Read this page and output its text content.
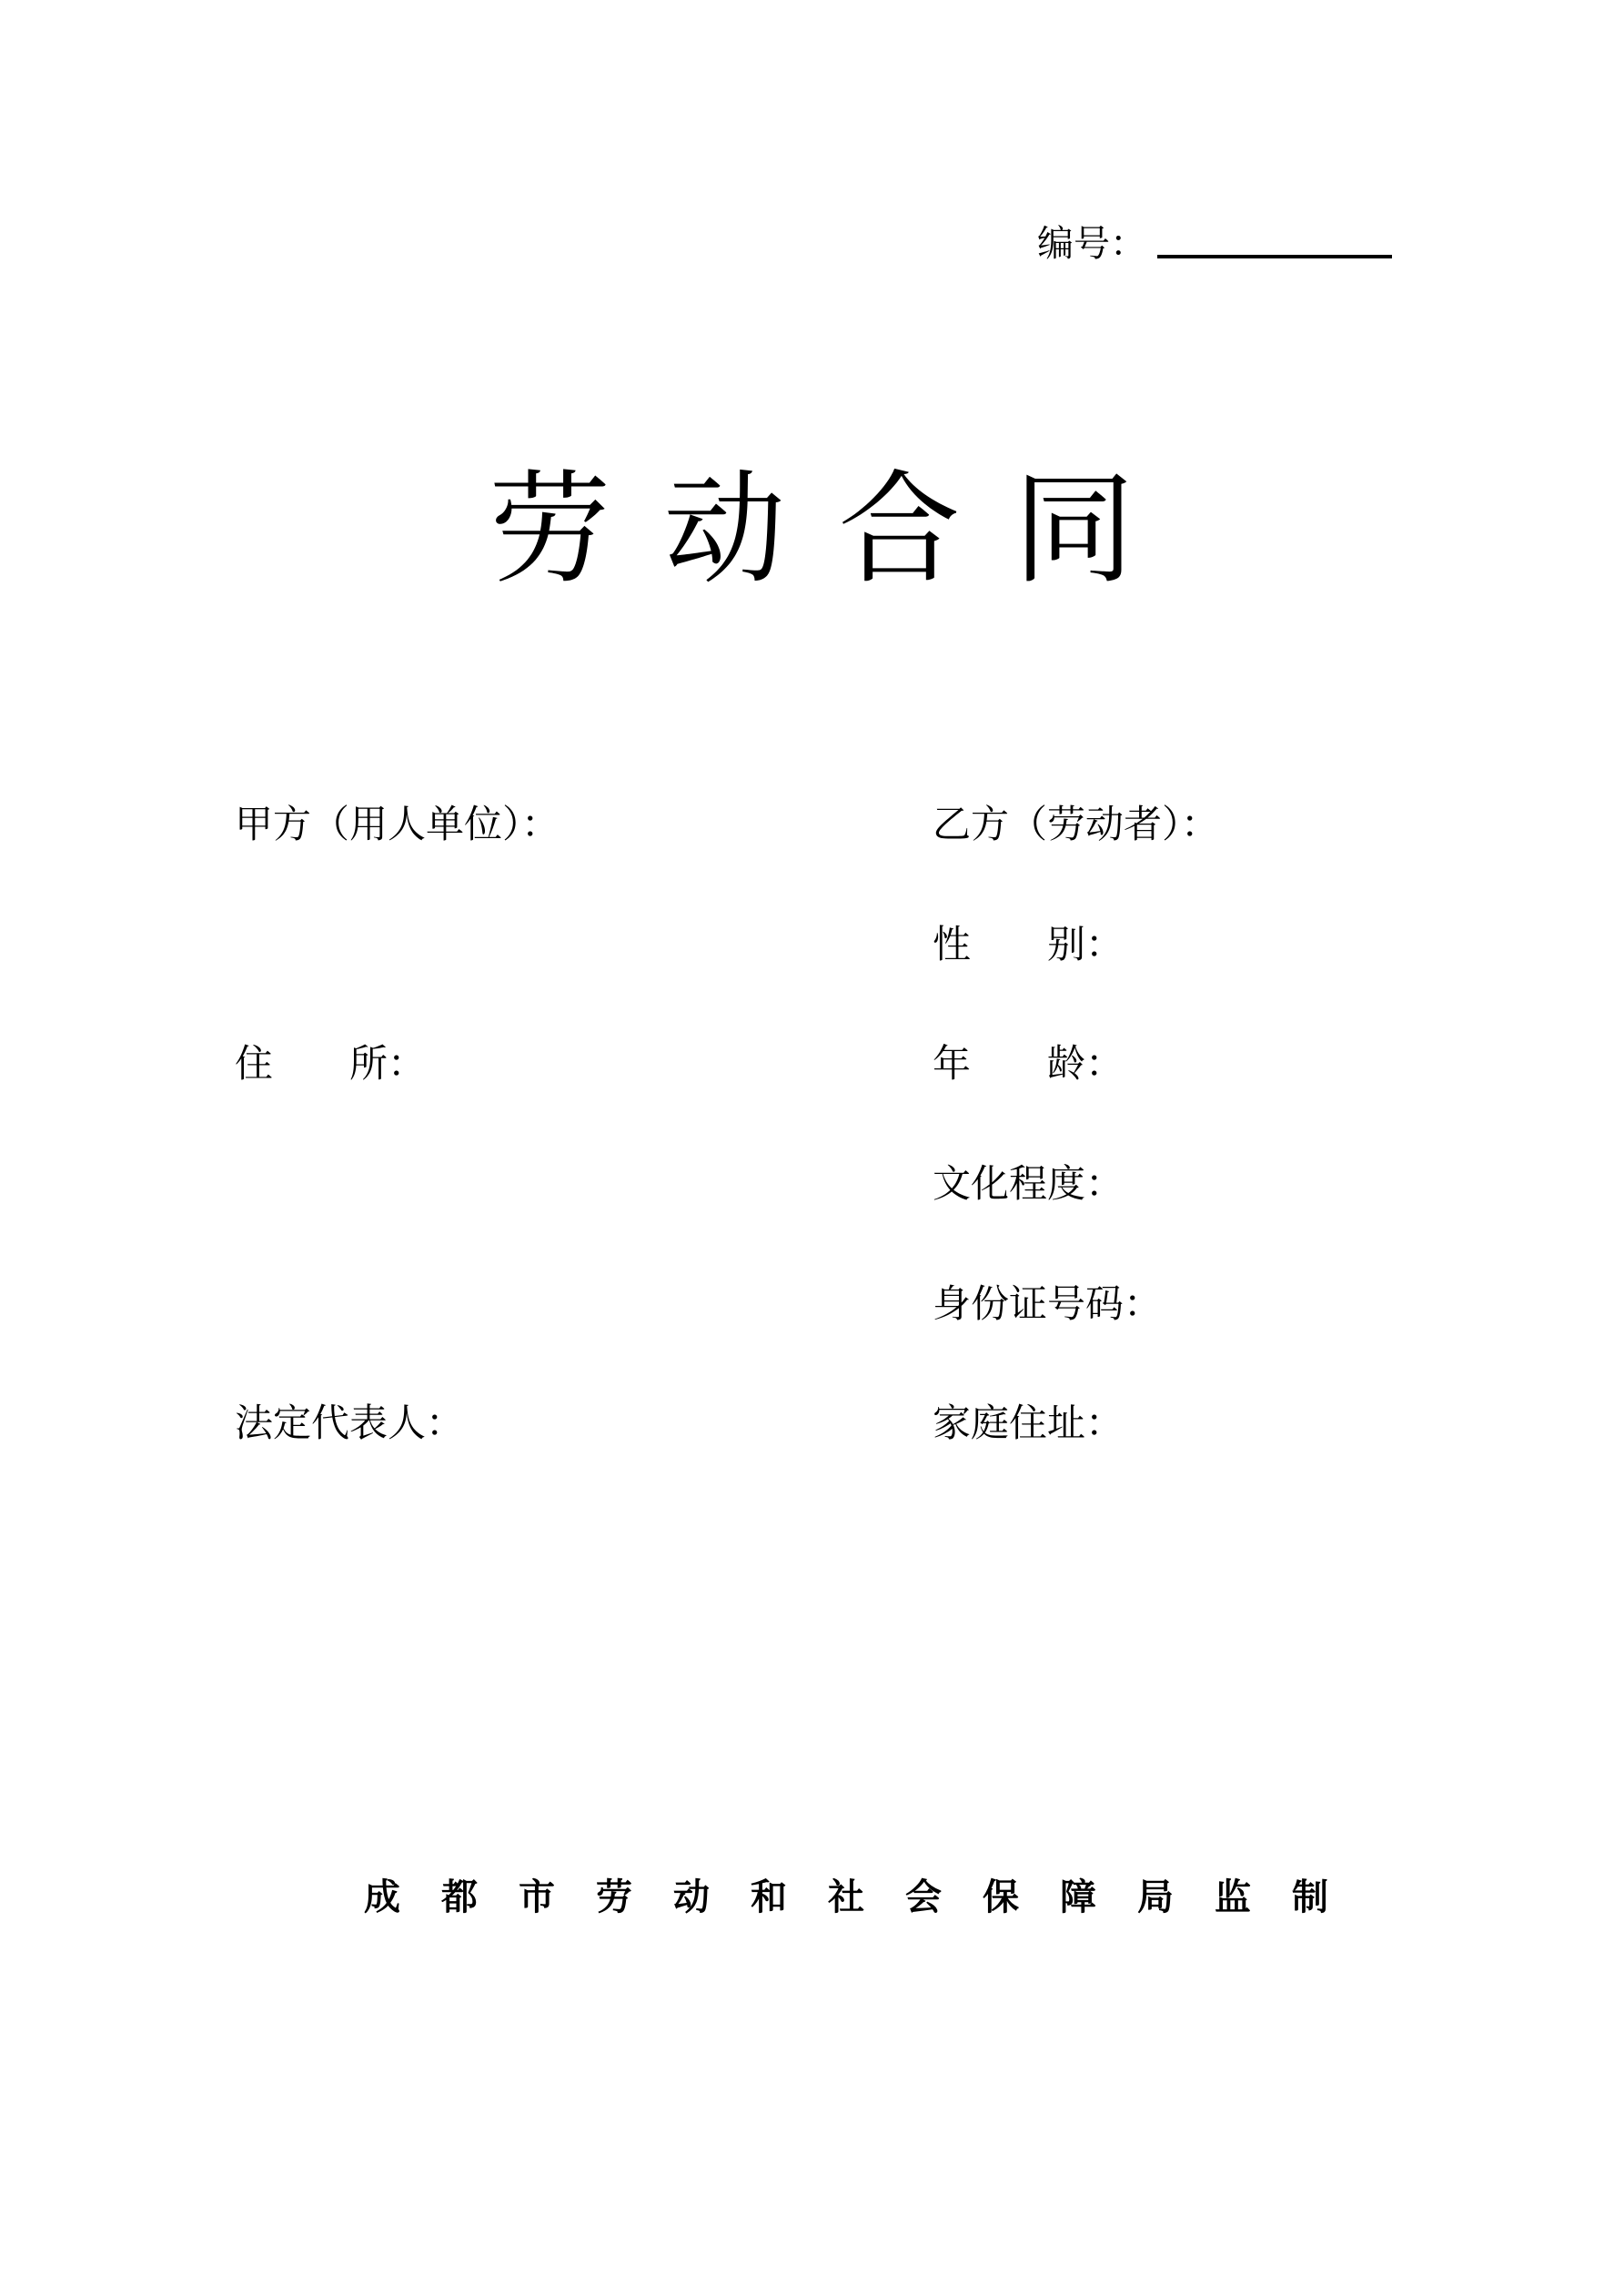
编号：
劳动合同
甲方（用人单位）：	乙方（劳动者）：
性　　别：
住　　所：	年　　龄：
文化程度：
身份证号码：
法定代表人：	家庭住址：
成 都 市 劳 动 和 社 会 保 障 局 监 制
